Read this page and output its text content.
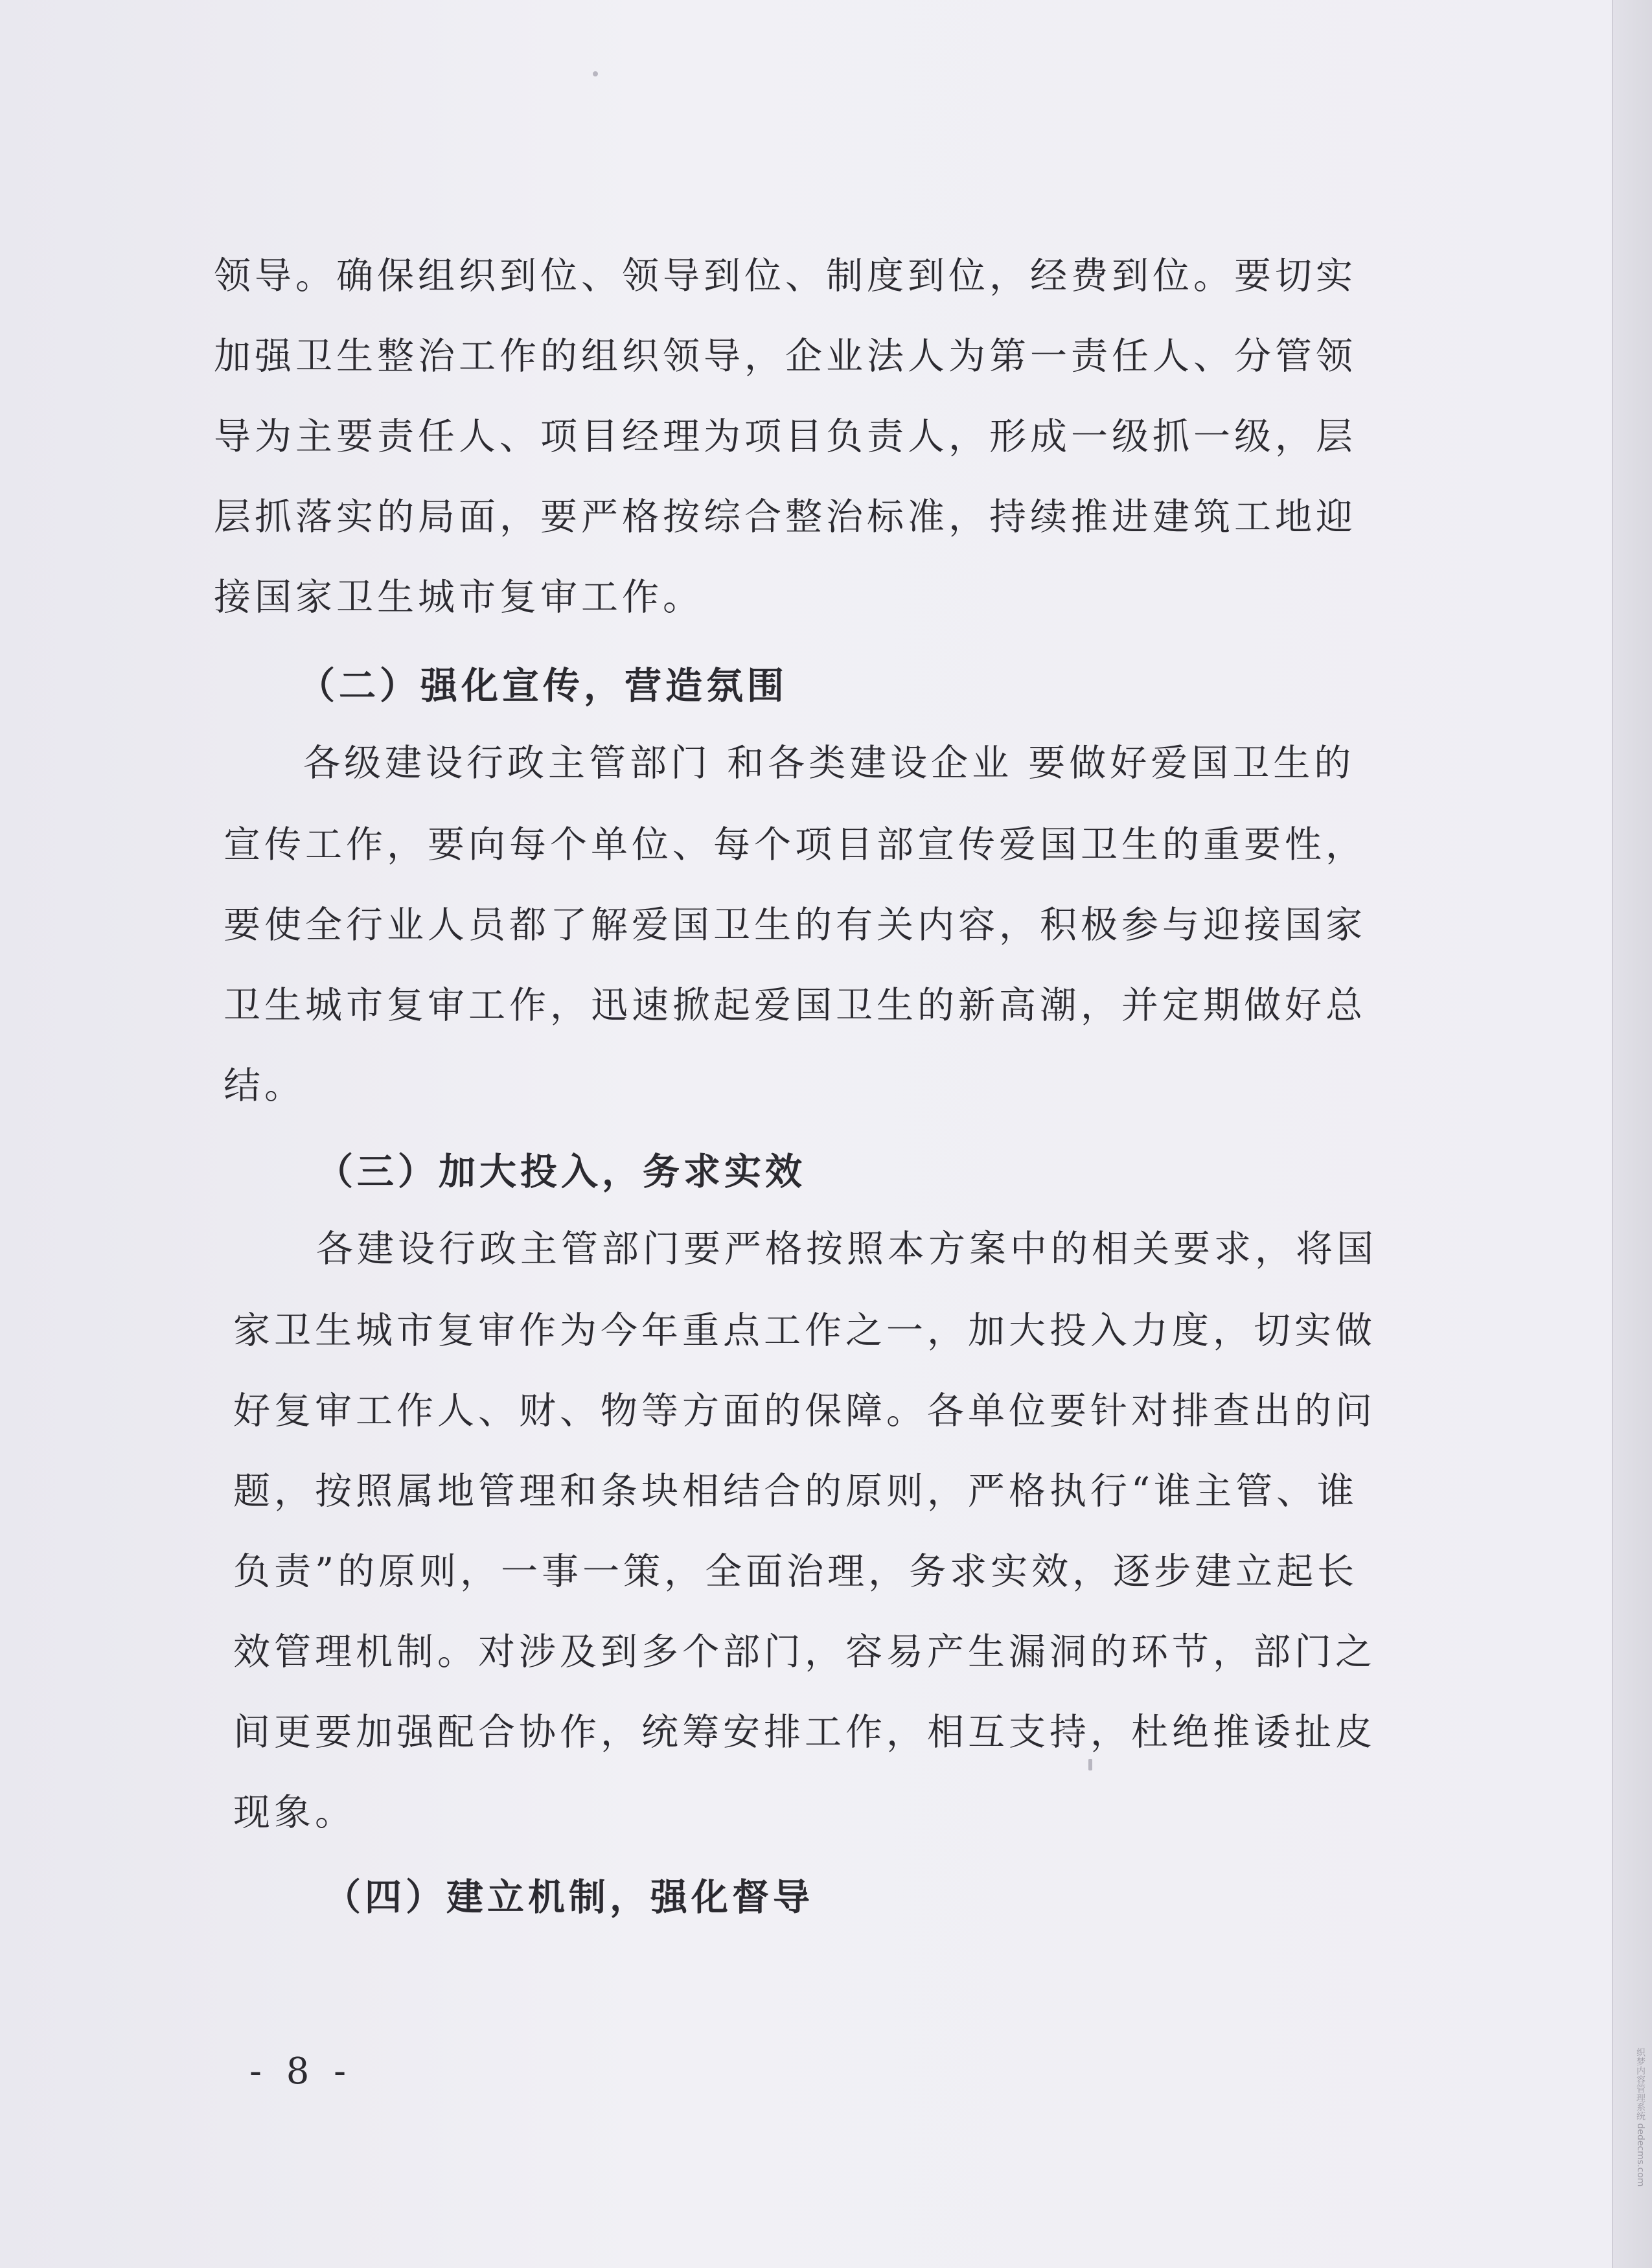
领导。确保组织到位、领导到位、制度到位，经费到位。要切实
加强卫生整治工作的组织领导，企业法人为第一责任人、分管领
导为主要责任人、项目经理为项目负责人，形成一级抓一级，层
层抓落实的局面，要严格按综合整治标准，持续推进建筑工地迎
接国家卫生城市复审工作。
（二）强化宣传，营造氛围
各级建设行政主管部门 和各类建设企业 要做好爱国卫生的
宣传工作，要向每个单位、每个项目部宣传爱国卫生的重要性，
要使全行业人员都了解爱国卫生的有关内容，积极参与迎接国家
卫生城市复审工作，迅速掀起爱国卫生的新高潮，并定期做好总
结。
（三）加大投入，务求实效
各建设行政主管部门要严格按照本方案中的相关要求，将国
家卫生城市复审作为今年重点工作之一，加大投入力度，切实做
好复审工作人、财、物等方面的保障。各单位要针对排查出的问
题，按照属地管理和条块相结合的原则，严格执行“谁主管、谁
负责”的原则，一事一策，全面治理，务求实效，逐步建立起长
效管理机制。对涉及到多个部门，容易产生漏洞的环节，部门之
间更要加强配合协作，统筹安排工作，相互支持，杜绝推诿扯皮
现象。
（四）建立机制，强化督导
- 8 -	织梦内容管理系统 dedecms.com
